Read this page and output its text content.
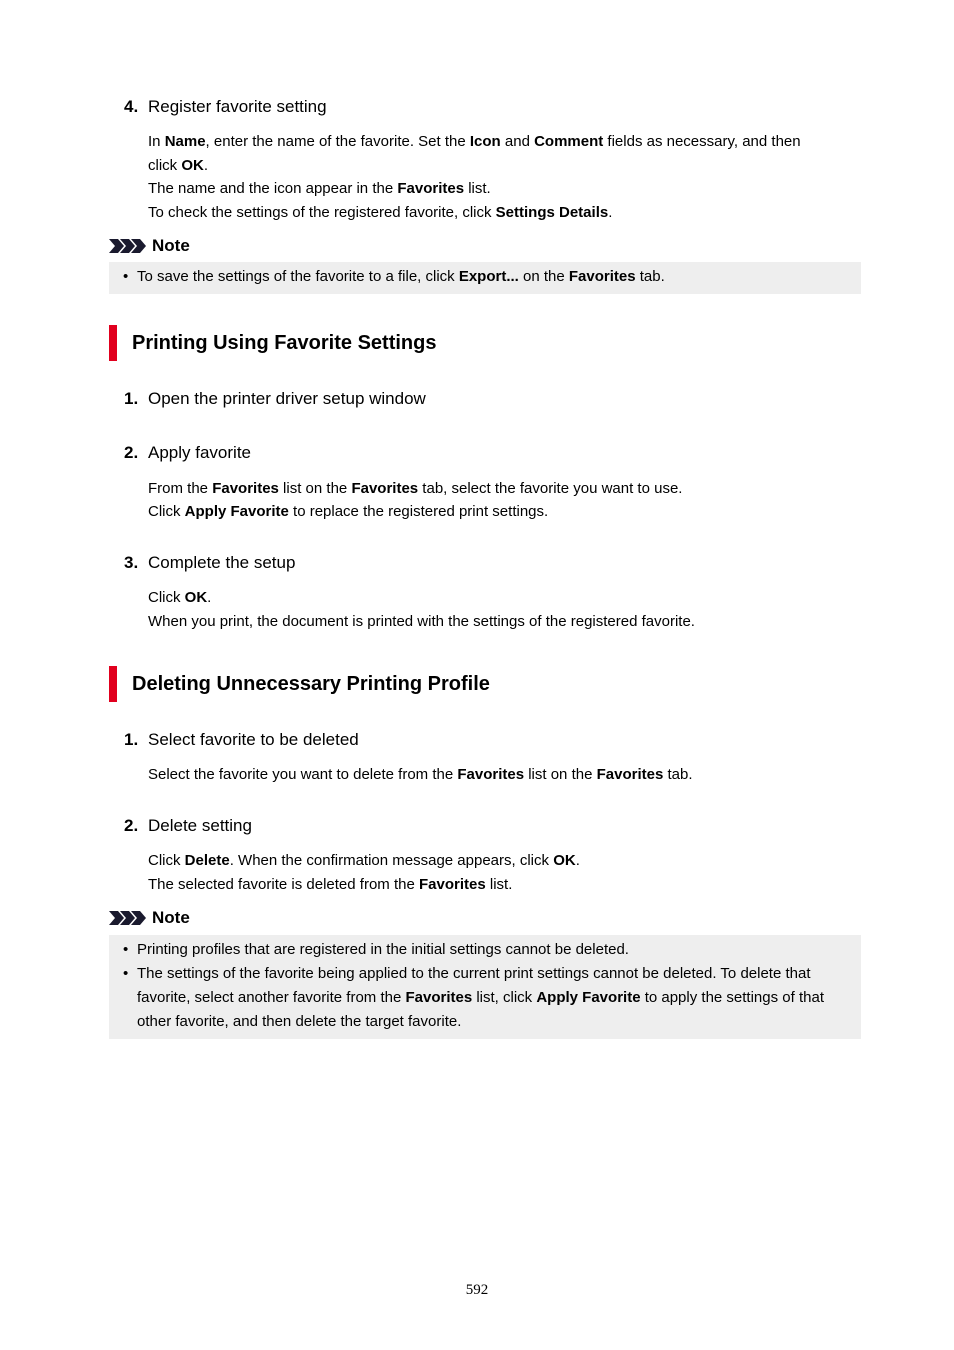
4. Register favorite setting
In Name, enter the name of the favorite. Set the Icon and Comment fields as necessary, and then
click OK.
The name and the icon appear in the Favorites list.
To check the settings of the registered favorite, click Settings Details.
Note
• To save the settings of the favorite to a file, click Export... on the Favorites tab.
Printing Using Favorite Settings
1. Open the printer driver setup window
2. Apply favorite
From the Favorites list on the Favorites tab, select the favorite you want to use.
Click Apply Favorite to replace the registered print settings.
3. Complete the setup
Click OK.
When you print, the document is printed with the settings of the registered favorite.
Deleting Unnecessary Printing Profile
1. Select favorite to be deleted
Select the favorite you want to delete from the Favorites list on the Favorites tab.
2. Delete setting
Click Delete. When the confirmation message appears, click OK.
The selected favorite is deleted from the Favorites list.
Note
• Printing profiles that are registered in the initial settings cannot be deleted.
• The settings of the favorite being applied to the current print settings cannot be deleted. To delete that favorite, select another favorite from the Favorites list, click Apply Favorite to apply the settings of that other favorite, and then delete the target favorite.
592
